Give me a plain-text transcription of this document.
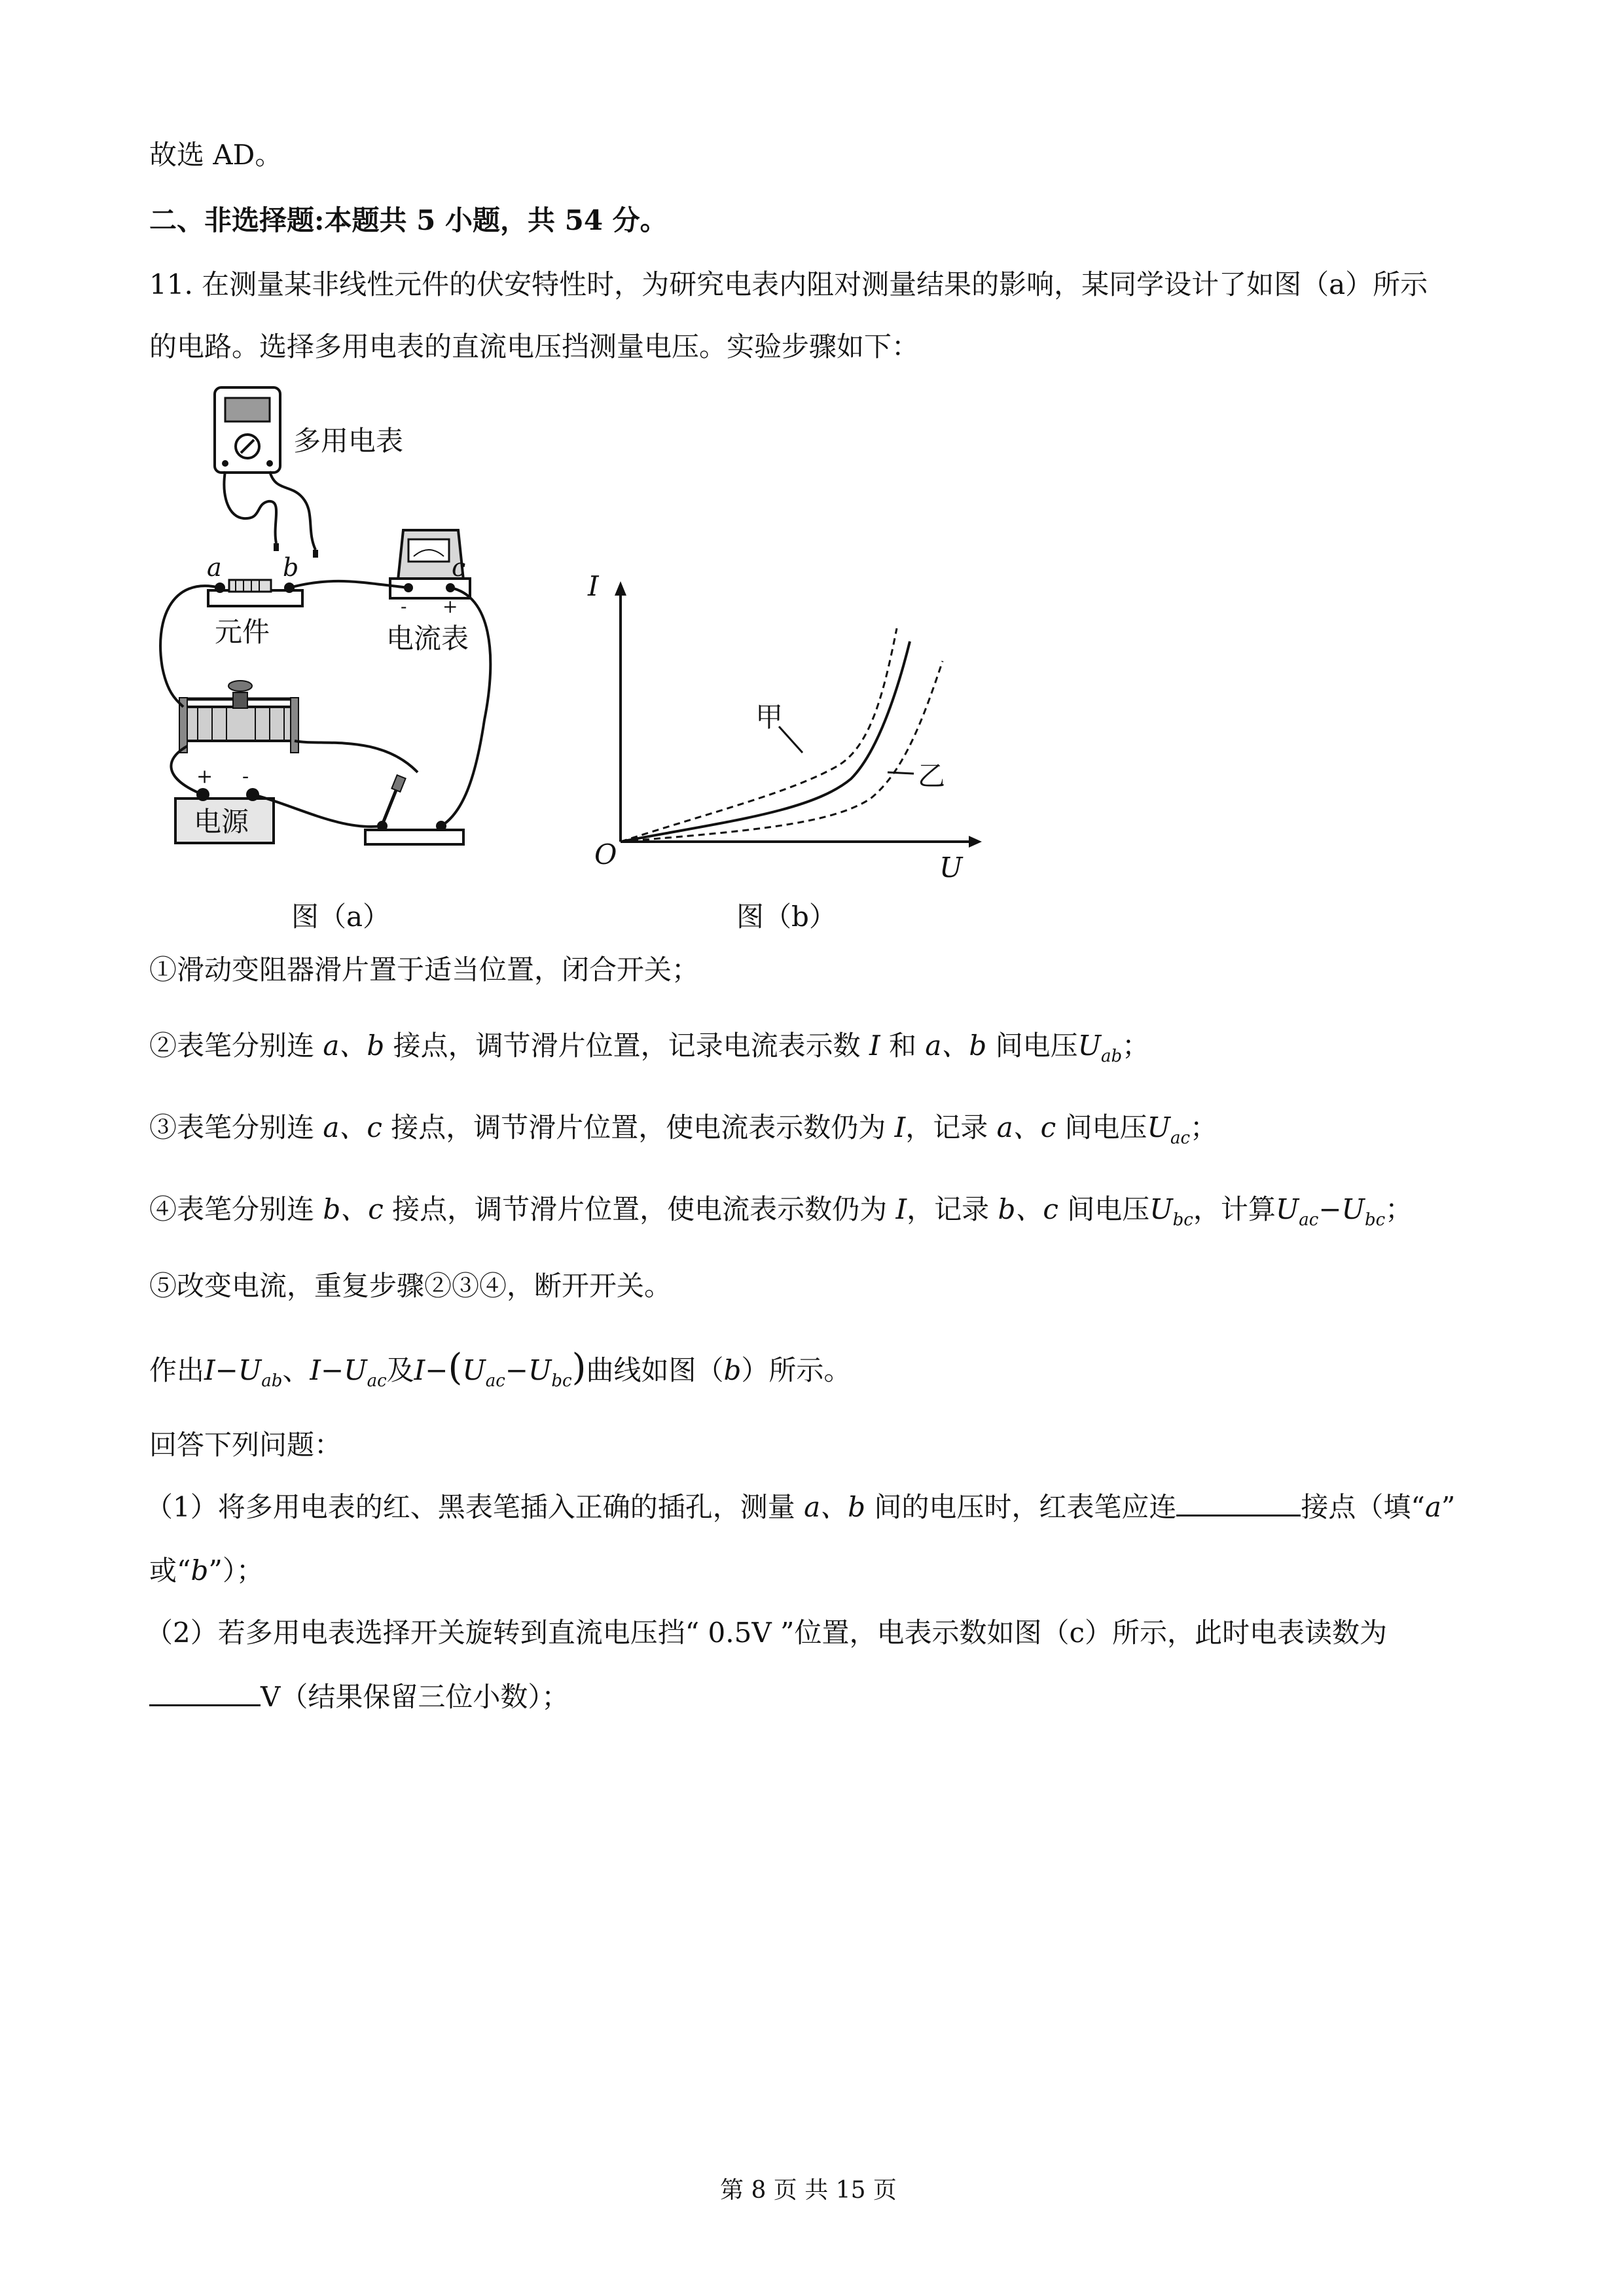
故选 AD。
二、非选择题:本题共 5 小题，共 54 分。
11. 在测量某非线性元件的伏安特性时，为研究电表内阻对测量结果的影响，某同学设计了如图（a）所示
的电路。选择多用电表的直流电压挡测量电压。实验步骤如下：
多用电表
a b
元件
c
- +
电流表
+ -
电源
图（a）
I
U
O
甲
乙
图（b）
①滑动变阻器滑片置于适当位置，闭合开关；
②表笔分别连 a、b 接点，调节滑片位置，记录电流表示数 I 和 a、b 间电压$U_{ab}$；
③表笔分别连 a、c 接点，调节滑片位置，使电流表示数仍为 I，记录 a、c 间电压$U_{ac}$；
④表笔分别连 b、c 接点，调节滑片位置，使电流表示数仍为 I，记录 b、c 间电压$U_{bc}$，计算$U_{ac}-U_{bc}$；
⑤改变电流，重复步骤②③④，断开开关。
作出$I-U_{ab}$、$I-U_{ac}$及$I-(U_{ac}-U_{bc})$曲线如图（b）所示。
回答下列问题：
（1）将多用电表的红、黑表笔插入正确的插孔，测量 a、b 间的电压时，红表笔应连	接点（填“a”
或“b”）；
（2）若多用电表选择开关旋转到直流电压挡“ 0.5V ”位置，电表示数如图（c）所示，此时电表读数为
V（结果保留三位小数）；
第 8 页 共 15 页
